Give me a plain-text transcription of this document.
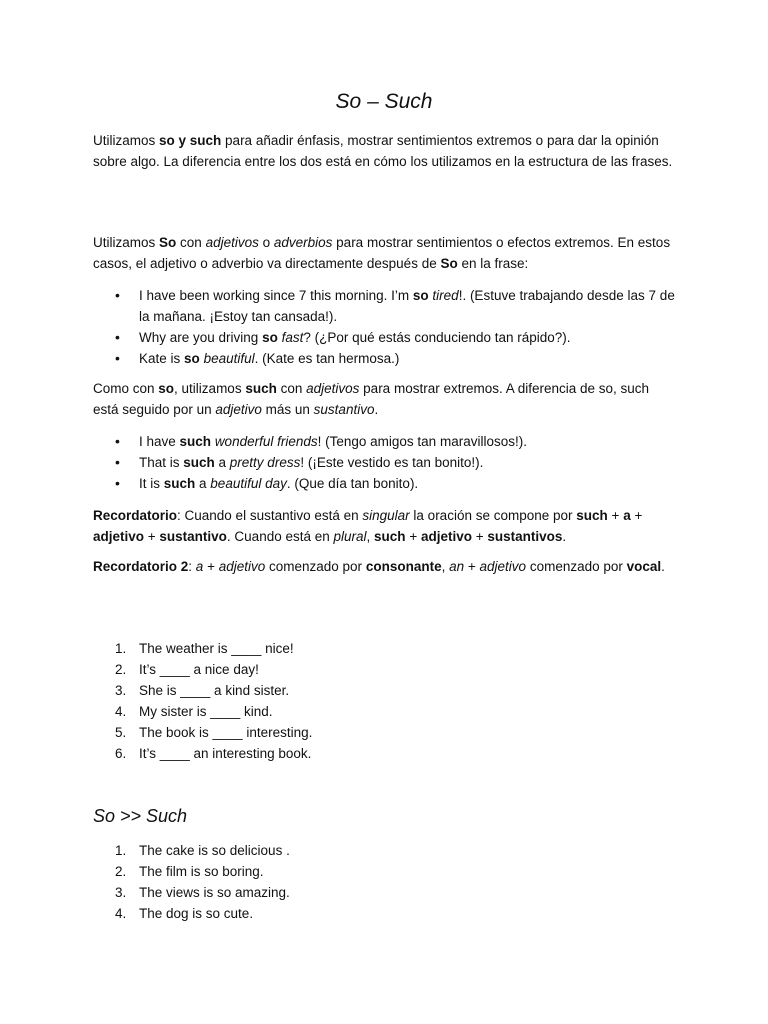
So – Such

Utilizamos so y such para añadir énfasis, mostrar sentimientos extremos o para dar la opinión sobre algo. La diferencia entre los dos está en cómo los utilizamos en la estructura de las frases.

Utilizamos So con adjetivos o adverbios para mostrar sentimientos o efectos extremos. En estos casos, el adjetivo o adverbio va directamente después de So en la frase:

• I have been working since 7 this morning. I’m so tired!. (Estuve trabajando desde las 7 de la mañana. ¡Estoy tan cansada!).
• Why are you driving so fast? (¿Por qué estás conduciendo tan rápido?).
• Kate is so beautiful. (Kate es tan hermosa.)

Como con so, utilizamos such con adjetivos para mostrar extremos. A diferencia de so, such está seguido por un adjetivo más un sustantivo.

• I have such wonderful friends! (Tengo amigos tan maravillosos!).
• That is such a pretty dress! (¡Este vestido es tan bonito!).
• It is such a beautiful day. (Que día tan bonito).

Recordatorio: Cuando el sustantivo está en singular la oración se compone por such + a + adjetivo + sustantivo. Cuando está en plural, such + adjetivo + sustantivos.

Recordatorio 2: a + adjetivo comenzado por consonante, an + adjetivo comenzado por vocal.

1. The weather is ____ nice!
2. It’s ____ a nice day!
3. She is ____ a kind sister.
4. My sister is ____ kind.
5. The book is ____ interesting.
6. It’s ____ an interesting book.
So >> Such
1. The cake is so delicious .
2. The film is so boring.
3. The views is so amazing.
4. The dog is so cute.
